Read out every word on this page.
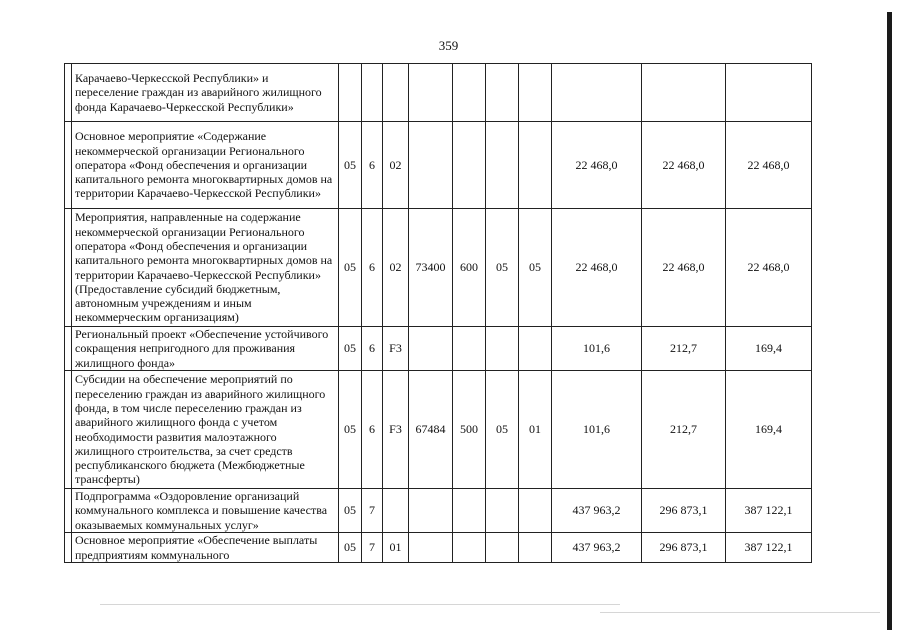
359
	Карачаево-Черкесской Республики» и переселение граждан из аварийного жилищного фонда Карачаево-Черкесской Республики»										
	Основное мероприятие «Содержание некоммерческой организации Регионального оператора «Фонд обеспечения и организации капитального ремонта многоквартирных домов на территории Карачаево-Черкесской Республики»	05	6	02					22 468,0	22 468,0	22 468,0
	Мероприятия, направленные на содержание некоммерческой организации Регионального оператора «Фонд обеспечения и организации капитального ремонта многоквартирных домов на территории Карачаево-Черкесской Республики» (Предоставление субсидий бюджетным, автономным учреждениям и иным некоммерческим организациям)	05	6	02	73400	600	05	05	22 468,0	22 468,0	22 468,0
	Региональный проект «Обеспечение устойчивого сокращения непригодного для проживания жилищного фонда»	05	6	F3					101,6	212,7	169,4
	Субсидии на обеспечение мероприятий по переселению граждан из аварийного жилищного фонда, в том числе переселению граждан из аварийного жилищного фонда с учетом необходимости развития малоэтажного жилищного строительства, за счет средств республиканского бюджета (Межбюджетные трансферты)	05	6	F3	67484	500	05	01	101,6	212,7	169,4
	Подпрограмма «Оздоровление организаций коммунального комплекса и повышение качества оказываемых коммунальных услуг»	05	7						437 963,2	296 873,1	387 122,1
	Основное мероприятие «Обеспечение выплаты предприятиям коммунального	05	7	01					437 963,2	296 873,1	387 122,1
